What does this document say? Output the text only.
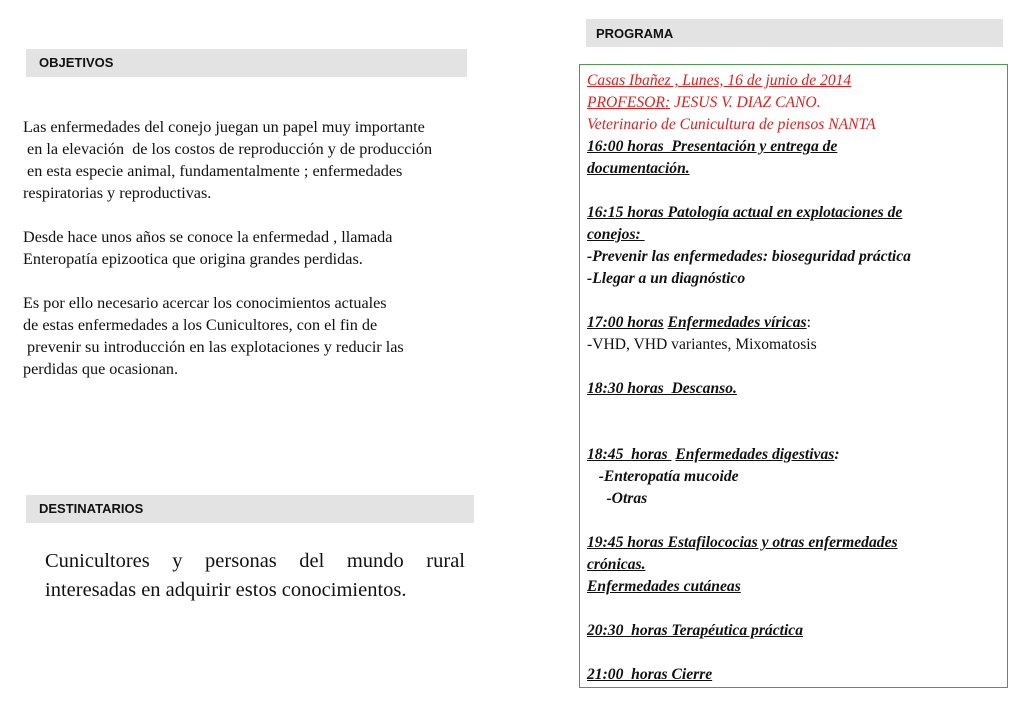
OBJETIVOS
Las enfermedades del conejo juegan un papel muy importante
en la elevación  de los costos de reproducción y de producción
en esta especie animal, fundamentalmente ; enfermedades
respiratorias y reproductivas.
Desde hace unos años se conoce la enfermedad , llamada
Enteropatía epizootica que origina grandes perdidas.
Es por ello necesario acercar los conocimientos actuales
de estas enfermedades a los Cunicultores, con el fin de
prevenir su introducción en las explotaciones y reducir las
perdidas que ocasionan.
DESTINATARIOS
Cunicultores y personas del mundo rural
interesadas en adquirir estos conocimientos.
PROGRAMA
Casas Ibañez , Lunes, 16 de junio de 2014
PROFESOR: JESUS V. DIAZ CANO.
Veterinario de Cunicultura de piensos NANTA
16:00 horas  Presentación y entrega de
documentación.
16:15 horas Patología actual en explotaciones de
conejos:
-Prevenir las enfermedades: bioseguridad práctica
-Llegar a un diagnóstico
17:00 horas Enfermedades víricas:
-VHD, VHD variantes, Mixomatosis
18:30 horas  Descanso.
18:45  horas  Enfermedades digestivas:
-Enteropatía mucoide
-Otras
19:45 horas Estafilococias y otras enfermedades
crónicas.
Enfermedades cutáneas
20:30  horas Terapéutica práctica
21:00  horas Cierre
